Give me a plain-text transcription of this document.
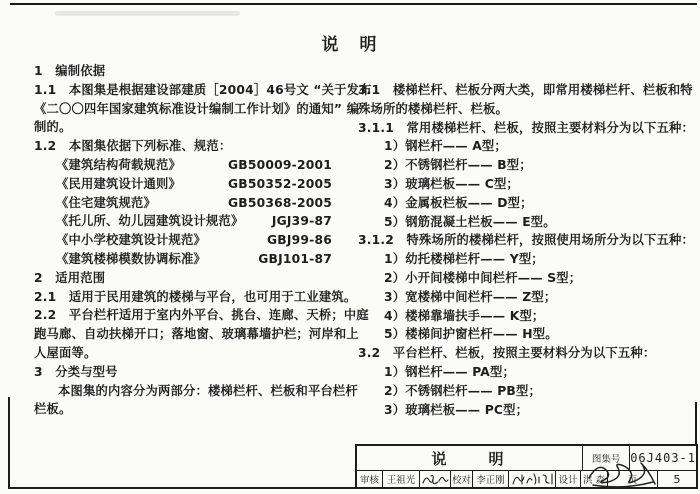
说　明
1　编制依据
1.1　本图集是根据建设部建质［2004］46号文 “关于发布
《二〇〇四年国家建筑标准设计编制工作计划》的通知” 编
制的。
1.2　本图集依据下列标准、规范：
《建筑结构荷载规范》	GB50009-2001
《民用建筑设计通则》	GB50352-2005
《住宅建筑规范》	GB50368-2005
《托儿所、幼儿园建筑设计规范》 JGJ39-87
《中小学校建筑设计规范》	GBJ99-86
《建筑楼梯模数协调标准》	GBJ101-87
2　适用范围
2.1　适用于民用建筑的楼梯与平台，也可用于工业建筑。
2.2　平台栏杆适用于室内外平台、挑台、连廊、天桥；中庭
跑马廊、自动扶梯开口；落地窗、玻璃幕墙护栏；河岸和上
人屋面等。
3　分类与型号
本图集的内容分为两部分：楼梯栏杆、栏板和平台栏杆
栏板。
3.1　楼梯栏杆、栏板分两大类，即常用楼梯栏杆、栏板和特
殊场所的楼梯栏杆、栏板。
3.1.1　常用楼梯栏杆、栏板，按照主要材料分为以下五种：
1）钢栏杆—— A型；
2）不锈钢栏杆—— B型；
3）玻璃栏板—— C型；
4）金属板栏板—— D型；
5）钢筋混凝土栏板—— E型。
3.1.2　特殊场所的楼梯栏杆，按照使用场所分为以下五种：
1）幼托楼梯栏杆—— Y型；
2）小开间楼梯中间栏杆—— S型；
3）宽楼梯中间栏杆—— Z型；
4）楼梯靠墙扶手—— K型；
5）楼梯间护窗栏杆—— H型。
3.2　平台栏杆、栏板，按照主要材料分为以下五种：
1）钢栏杆—— PA型；
2）不锈钢栏杆—— PB型；
3）玻璃栏板—— PC型；
说　　明	图集号 06J403-1
审核 王祖光	校对 李正刚	设计 洪 森	页	5
